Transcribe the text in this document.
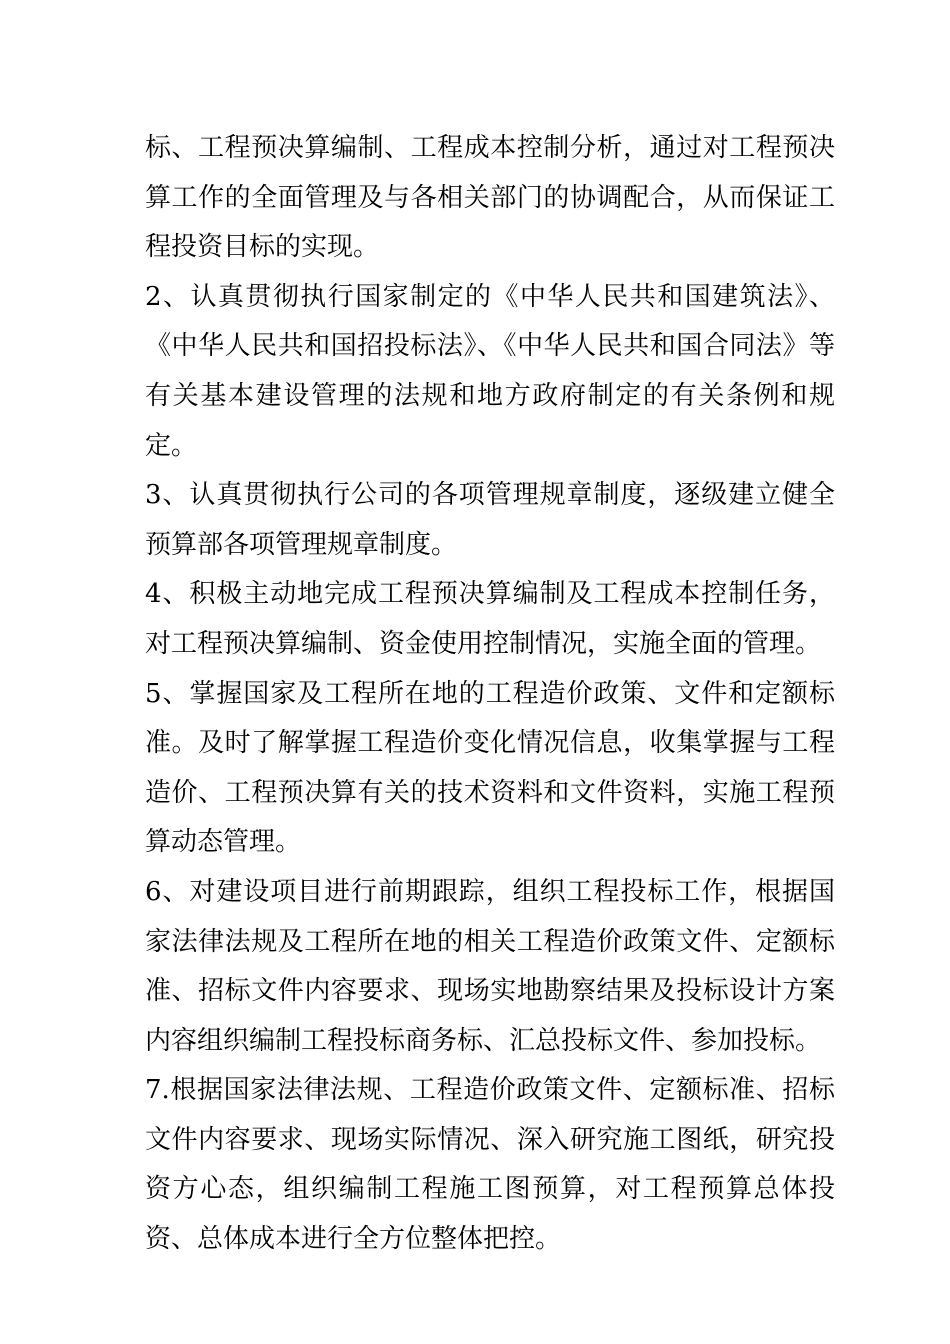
标、工程预决算编制、工程成本控制分析，通过对工程预决算工作的全面管理及与各相关部门的协调配合，从而保证工程投资目标的实现。

2、认真贯彻执行国家制定的《中华人民共和国建筑法》、《中华人民共和国招投标法》、《中华人民共和国合同法》等有关基本建设管理的法规和地方政府制定的有关条例和规定。

3、认真贯彻执行公司的各项管理规章制度，逐级建立健全预算部各项管理规章制度。

4、积极主动地完成工程预决算编制及工程成本控制任务，对工程预决算编制、资金使用控制情况，实施全面的管理。

5、掌握国家及工程所在地的工程造价政策、文件和定额标准。及时了解掌握工程造价变化情况信息，收集掌握与工程造价、工程预决算有关的技术资料和文件资料，实施工程预算动态管理。

6、对建设项目进行前期跟踪，组织工程投标工作，根据国家法律法规及工程所在地的相关工程造价政策文件、定额标准、招标文件内容要求、现场实地勘察结果及投标设计方案内容组织编制工程投标商务标、汇总投标文件、参加投标。

7.根据国家法律法规、工程造价政策文件、定额标准、招标文件内容要求、现场实际情况、深入研究施工图纸，研究投资方心态，组织编制工程施工图预算，对工程预算总体投资、总体成本进行全方位整体把控。
